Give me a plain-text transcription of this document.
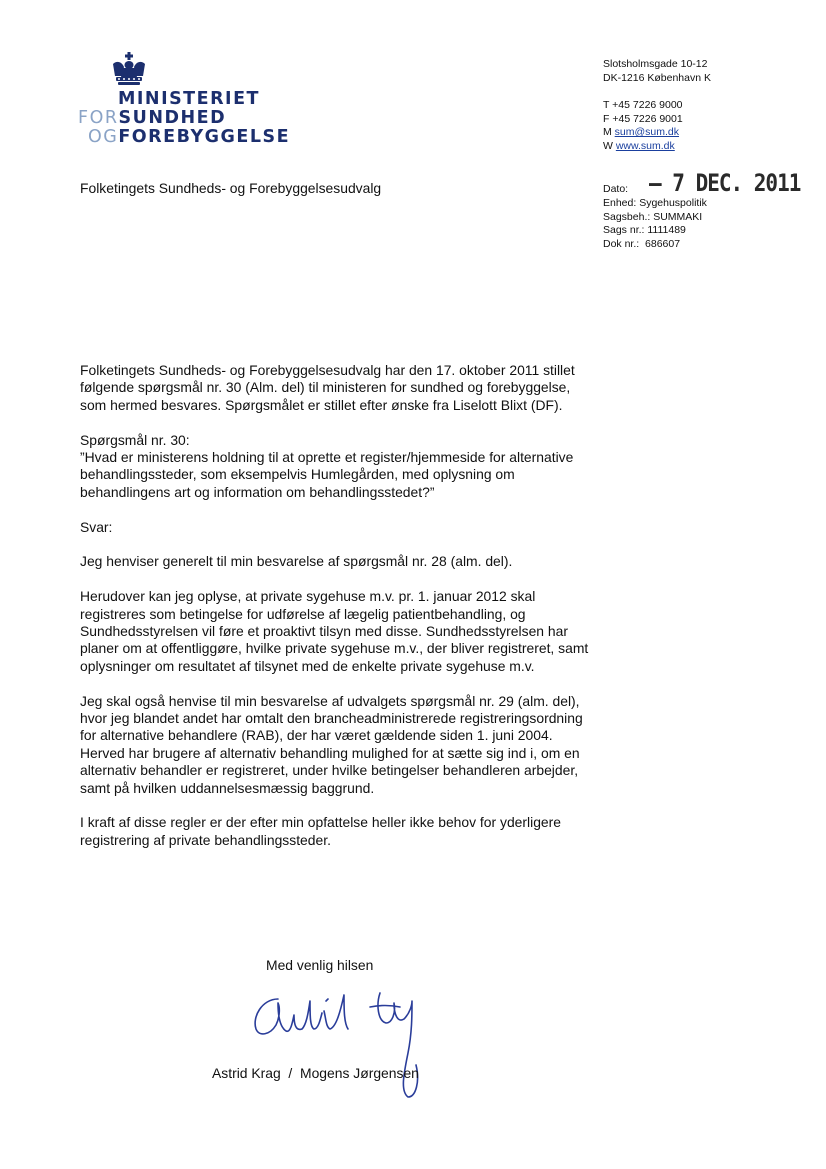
MINISTERIET
FORSUNDHED
OGFOREBYGGELSE
Slotsholmsgade 10-12
DK-1216 København K
T +45 7226 9000
F +45 7226 9001
M sum@sum.dk
W www.sum.dk
Folketingets Sundheds- og Forebyggelsesudvalg	Dato: – 7 DEC. 2011
Enhed: Sygehuspolitik
Sagsbeh.: SUMMAKI
Sags nr.: 1111489
Dok nr.:  686607

Folketingets Sundheds- og Forebyggelsesudvalg har den 17. oktober 2011 stillet følgende spørgsmål nr. 30 (Alm. del) til ministeren for sundhed og forebyggelse, som hermed besvares. Spørgsmålet er stillet efter ønske fra Liselott Blixt (DF).

Spørgsmål nr. 30:

”Hvad er ministerens holdning til at oprette et register/hjemmeside for alternative behandlingssteder, som eksempelvis Humlegården, med oplysning om behandlingens art og information om behandlingsstedet?”

Svar:

Jeg henviser generelt til min besvarelse af spørgsmål nr. 28 (alm. del).

Herudover kan jeg oplyse, at private sygehuse m.v. pr. 1. januar 2012 skal registreres som betingelse for udførelse af lægelig patientbehandling, og Sundhedsstyrelsen vil føre et proaktivt tilsyn med disse. Sundhedsstyrelsen har planer om at offentliggøre, hvilke private sygehuse m.v., der bliver registreret, samt oplysninger om resultatet af tilsynet med de enkelte private sygehuse m.v.

Jeg skal også henvise til min besvarelse af udvalgets spørgsmål nr. 29 (alm. del), hvor jeg blandet andet har omtalt den brancheadministrerede registreringsordning for alternative behandlere (RAB), der har været gældende siden 1. juni 2004. Herved har brugere af alternativ behandling mulighed for at sætte sig ind i, om en alternativ behandler er registreret, under hvilke betingelser behandleren arbejder, samt på hvilken uddannelsesmæssig baggrund.

I kraft af disse regler er der efter min opfattelse heller ikke behov for yderligere registrering af private behandlingssteder.

Med venlig hilsen
Astrid Krag  /  Mogens Jørgensen
